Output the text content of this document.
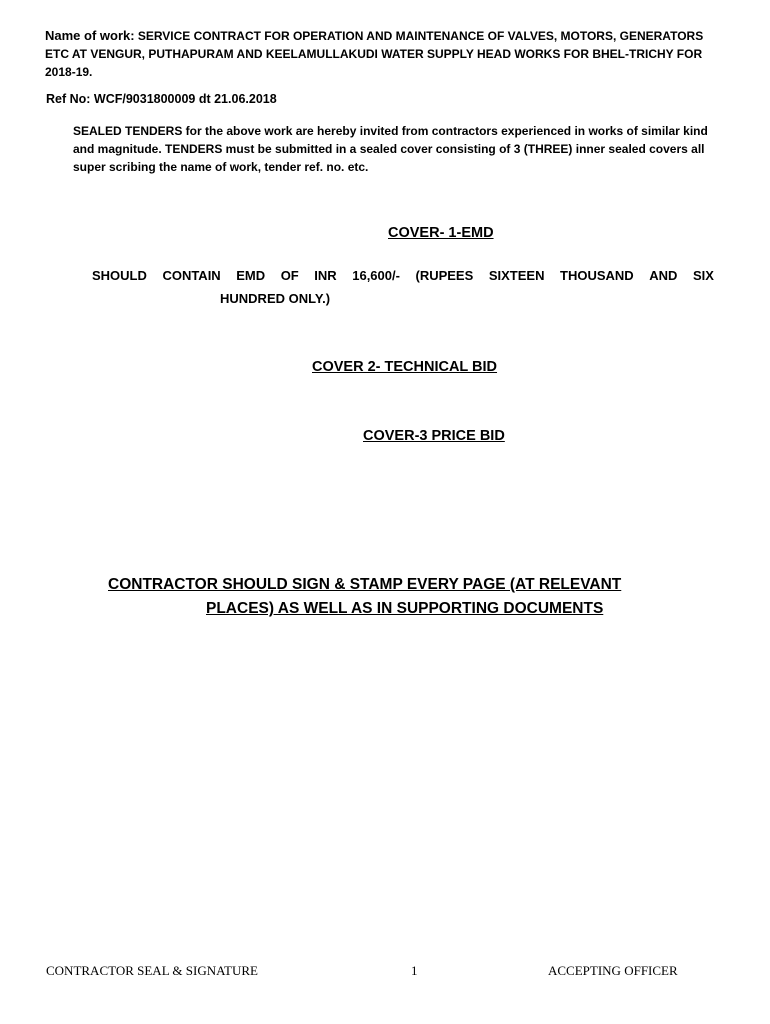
Name of work: SERVICE CONTRACT FOR OPERATION AND MAINTENANCE OF VALVES, MOTORS, GENERATORS ETC AT VENGUR, PUTHAPURAM AND KEELAMULLAKUDI WATER SUPPLY HEAD WORKS FOR BHEL-TRICHY FOR 2018-19.
Ref No: WCF/9031800009 dt 21.06.2018
SEALED TENDERS for the above work are hereby invited from contractors experienced in works of similar kind and magnitude. TENDERS must be submitted in a sealed cover consisting of 3 (THREE) inner sealed covers all super scribing the name of work, tender ref. no. etc.
COVER- 1-EMD
SHOULD CONTAIN EMD OF INR 16,600/- (RUPEES SIXTEEN THOUSAND AND SIX
HUNDRED ONLY.)
COVER 2- TECHNICAL BID
COVER-3 PRICE BID
CONTRACTOR SHOULD SIGN & STAMP EVERY PAGE (AT RELEVANT
PLACES) AS WELL AS IN SUPPORTING DOCUMENTS
CONTRACTOR SEAL & SIGNATURE	1	ACCEPTING OFFICER
